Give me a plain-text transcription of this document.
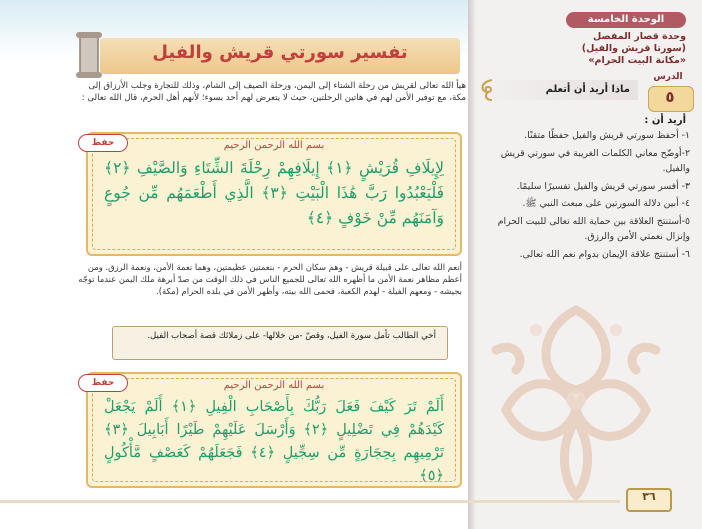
الوحدة الخامسة
وحدة قصار المفصل
(سورتا قريش والفيل)
«مكانة البيت الحرام»
الدرس
٥
ماذا أريد أن أتعلم
أريد أن :
١- أحفظ سورتي قريش والفيل حفظًا متقنًا.
٢-أوضّح معاني الكلمات الغريبة في سورتي قريش والفيل.
٣- أفسر سورتي قريش والفيل تفسيرًا سليمًا.
٤- أبين دلالة السورتين على مبعث النبي ﷺ.
٥-أستنتج العلاقة بين حماية الله تعالى للبيت الحرام وإنزال نعمتي الأمن والرزق.
٦- أستنتج علاقة الإيمان بدوام نعم الله تعالى.
تفسير سورتي قريش والفيل
هيأ الله تعالى لقريش من رحلة الشتاء إلى اليمن، ورحلة الصيف إلى الشام، وذلك للتجارة وجلب الأرزاق إلى مكة، مع توفير الأمن لهم في هاتين الرحلتين، حيث لا يتعرض لهم أحد بسوء؛ لأنهم أهل الحرم، قال الله تعالى :
بسم الله الرحمن الرحيم
لِإِيلَافِ قُرَيْشٍ ﴿١﴾ إِيلَافِهِمْ رِحْلَةَ الشِّتَاءِ وَالصَّيْفِ ﴿٢﴾ فَلْيَعْبُدُوا رَبَّ هَٰذَا الْبَيْتِ ﴿٣﴾ الَّذِي أَطْعَمَهُم مِّن جُوعٍ وَآمَنَهُم مِّنْ خَوْفٍ ﴿٤﴾
حفظ
أنعم الله تعالى على قبيلة قريش - وهم سكان الحرم - بنعمتين عظيمتين، وهما نعمة الأمن، ونعمة الرزق. ومن أعظم مظاهر نعمة الأمن ما أظهره الله تعالى للجميع الناس في ذلك الوقت من صدّ أبرهة ملك اليمن عندما توجّه بجيشه - ومعهم الفيلة - لهدم الكعبة، فحمى الله بيته، وأظهر الأمن في بلده الحرام (مكة).
أخي الطالب تأمل سورة الفيل، وقصّ -من خلالها- على زملائك قصة أصحاب الفيل.
بسم الله الرحمن الرحيم
أَلَمْ تَرَ كَيْفَ فَعَلَ رَبُّكَ بِأَصْحَابِ الْفِيلِ ﴿١﴾ أَلَمْ يَجْعَلْ كَيْدَهُمْ فِي تَضْلِيلٍ ﴿٢﴾ وَأَرْسَلَ عَلَيْهِمْ طَيْرًا أَبَابِيلَ ﴿٣﴾ تَرْمِيهِم بِحِجَارَةٍ مِّن سِجِّيلٍ ﴿٤﴾ فَجَعَلَهُمْ كَعَصْفٍ مَّأْكُولٍ ﴿٥﴾
حفظ
٣٦
